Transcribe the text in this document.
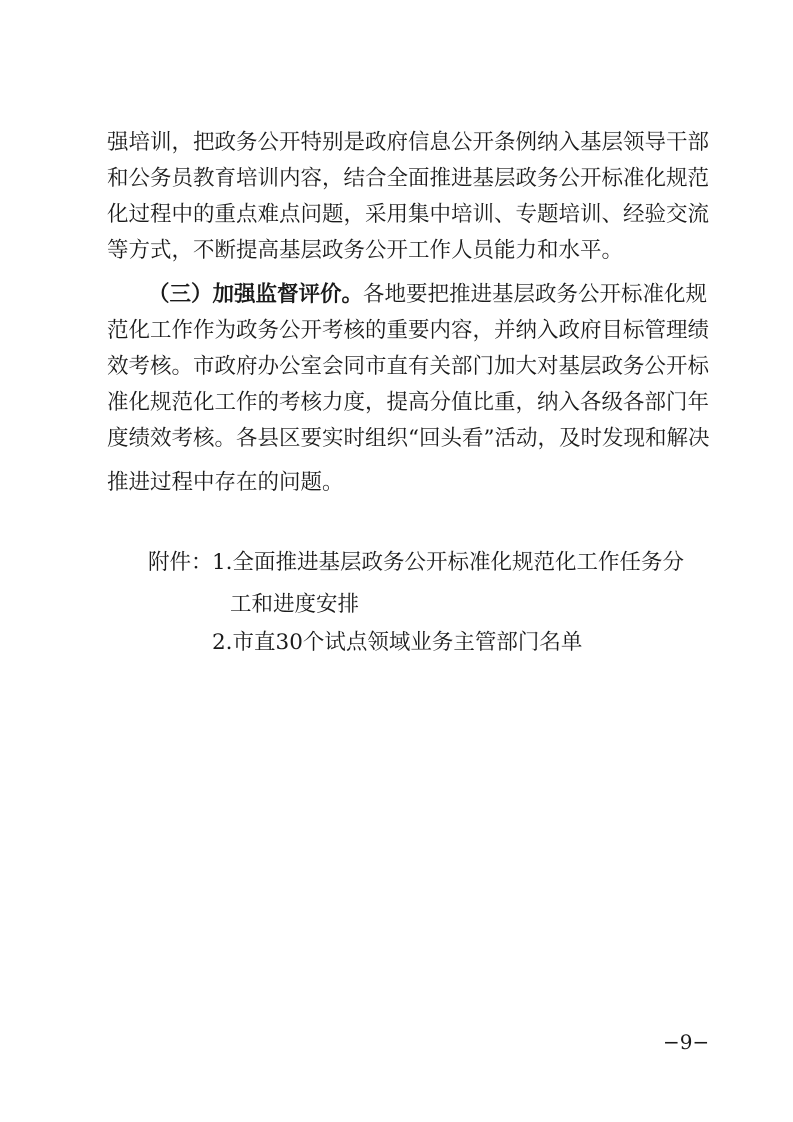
强培训，把政务公开特别是政府信息公开条例纳入基层领导干部
和公务员教育培训内容，结合全面推进基层政务公开标准化规范
化过程中的重点难点问题，采用集中培训、专题培训、经验交流
等方式，不断提高基层政务公开工作人员能力和水平。
（三）加强监督评价。各地要把推进基层政务公开标准化规
范化工作作为政务公开考核的重要内容，并纳入政府目标管理绩
效考核。市政府办公室会同市直有关部门加大对基层政务公开标
准化规范化工作的考核力度，提高分值比重，纳入各级各部门年
度绩效考核。各县区要实时组织“回头看”活动，及时发现和解决
推进过程中存在的问题。
附件： 1.全面推进基层政务公开标准化规范化工作任务分
工和进度安排
2.市直30个试点领域业务主管部门名单
−9−
